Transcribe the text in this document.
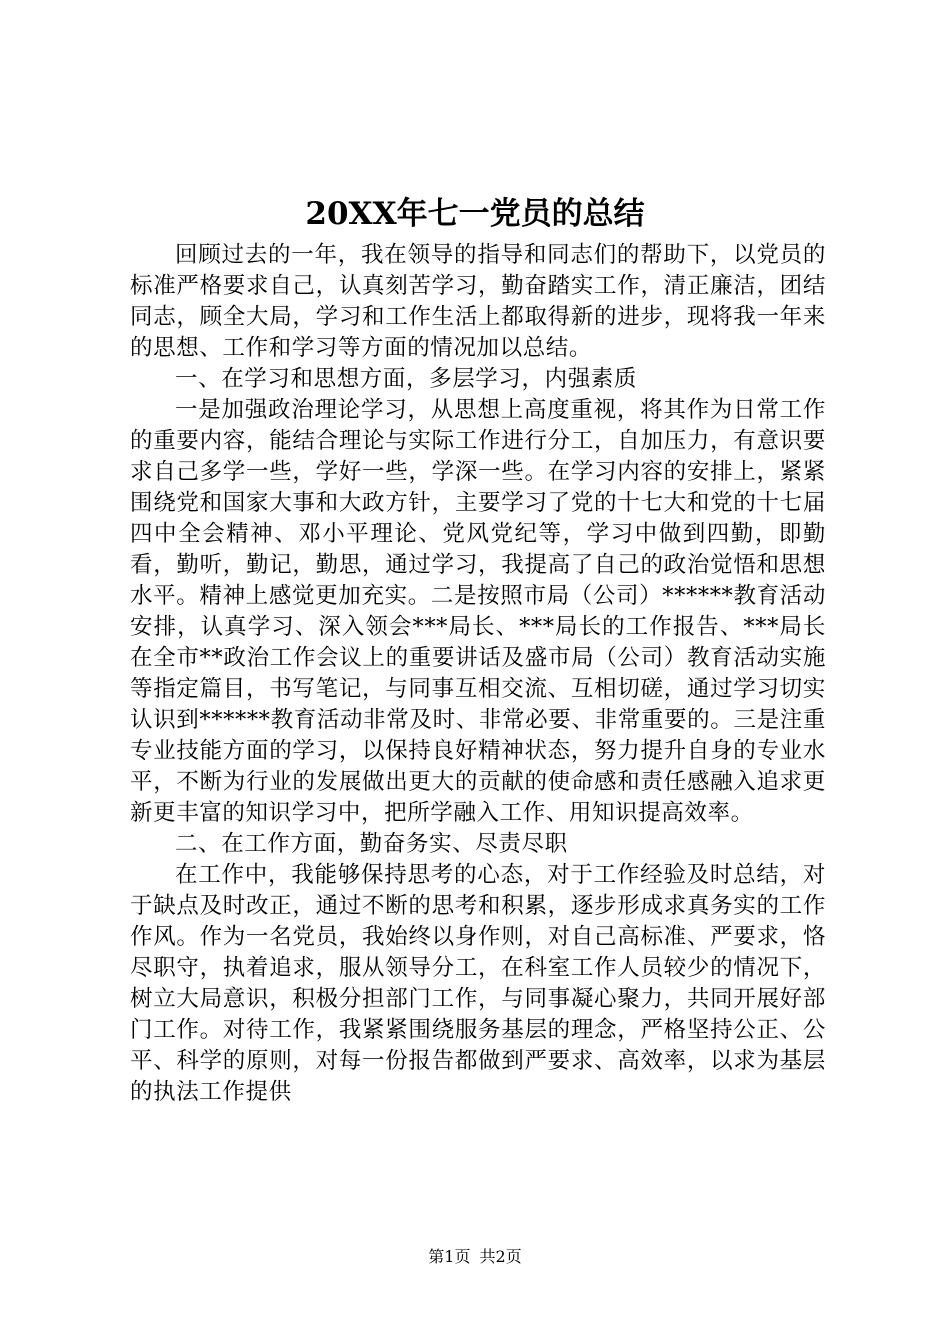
20XX年七一党员的总结

回顾过去的一年，我在领导的指导和同志们的帮助下，以党员的标准严格要求自己，认真刻苦学习，勤奋踏实工作，清正廉洁，团结同志，顾全大局，学习和工作生活上都取得新的进步，现将我一年来的思想、工作和学习等方面的情况加以总结。

一、在学习和思想方面，多层学习，内强素质

一是加强政治理论学习，从思想上高度重视，将其作为日常工作的重要内容，能结合理论与实际工作进行分工，自加压力，有意识要求自己多学一些，学好一些，学深一些。在学习内容的安排上，紧紧围绕党和国家大事和大政方针，主要学习了党的十七大和党的十七届四中全会精神、邓小平理论、党风党纪等，学习中做到四勤，即勤看，勤听，勤记，勤思，通过学习，我提高了自己的政治觉悟和思想水平。精神上感觉更加充实。二是按照市局（公司）******教育活动安排，认真学习、深入领会***局长、***局长的工作报告、***局长在全市**政治工作会议上的重要讲话及盛市局（公司）教育活动实施等指定篇目，书写笔记，与同事互相交流、互相切磋，通过学习切实认识到******教育活动非常及时、非常必要、非常重要的。三是注重专业技能方面的学习，以保持良好精神状态，努力提升自身的专业水平，不断为行业的发展做出更大的贡献的使命感和责任感融入追求更新更丰富的知识学习中，把所学融入工作、用知识提高效率。

二、在工作方面，勤奋务实、尽责尽职

在工作中，我能够保持思考的心态，对于工作经验及时总结，对于缺点及时改正，通过不断的思考和积累，逐步形成求真务实的工作作风。作为一名党员，我始终以身作则，对自己高标准、严要求，恪尽职守，执着追求，服从领导分工，在科室工作人员较少的情况下，树立大局意识，积极分担部门工作，与同事凝心聚力，共同开展好部门工作。对待工作，我紧紧围绕服务基层的理念，严格坚持公正、公平、科学的原则，对每一份报告都做到严要求、高效率，以求为基层的执法工作提供

第1页 共2页
